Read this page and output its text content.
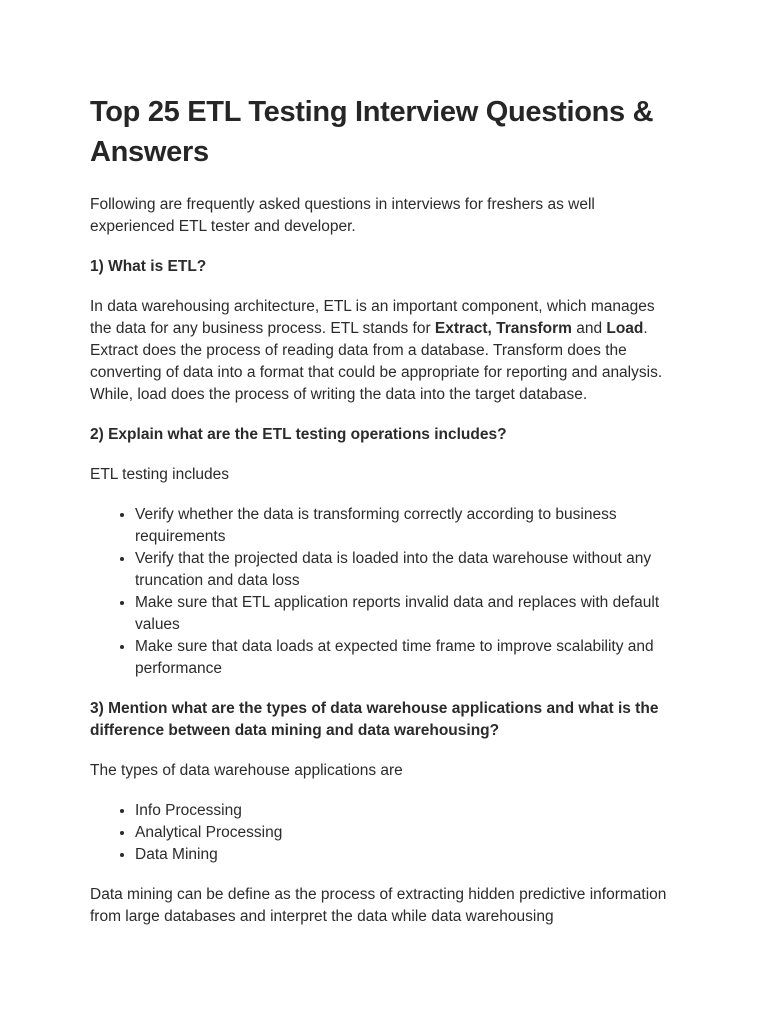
Top 25 ETL Testing Interview Questions & Answers

Following are frequently asked questions in interviews for freshers as well experienced ETL tester and developer.

1) What is ETL?

In data warehousing architecture, ETL is an important component, which manages the data for any business process. ETL stands for Extract, Transform and Load. Extract does the process of reading data from a database. Transform does the converting of data into a format that could be appropriate for reporting and analysis. While, load does the process of writing the data into the target database.

2) Explain what are the ETL testing operations includes?

ETL testing includes

• Verify whether the data is transforming correctly according to business requirements
• Verify that the projected data is loaded into the data warehouse without any truncation and data loss
• Make sure that ETL application reports invalid data and replaces with default values
• Make sure that data loads at expected time frame to improve scalability and performance

3) Mention what are the types of data warehouse applications and what is the difference between data mining and data warehousing?

The types of data warehouse applications are

• Info Processing
• Analytical Processing
• Data Mining

Data mining can be define as the process of extracting hidden predictive information from large databases and interpret the data while data warehousing
